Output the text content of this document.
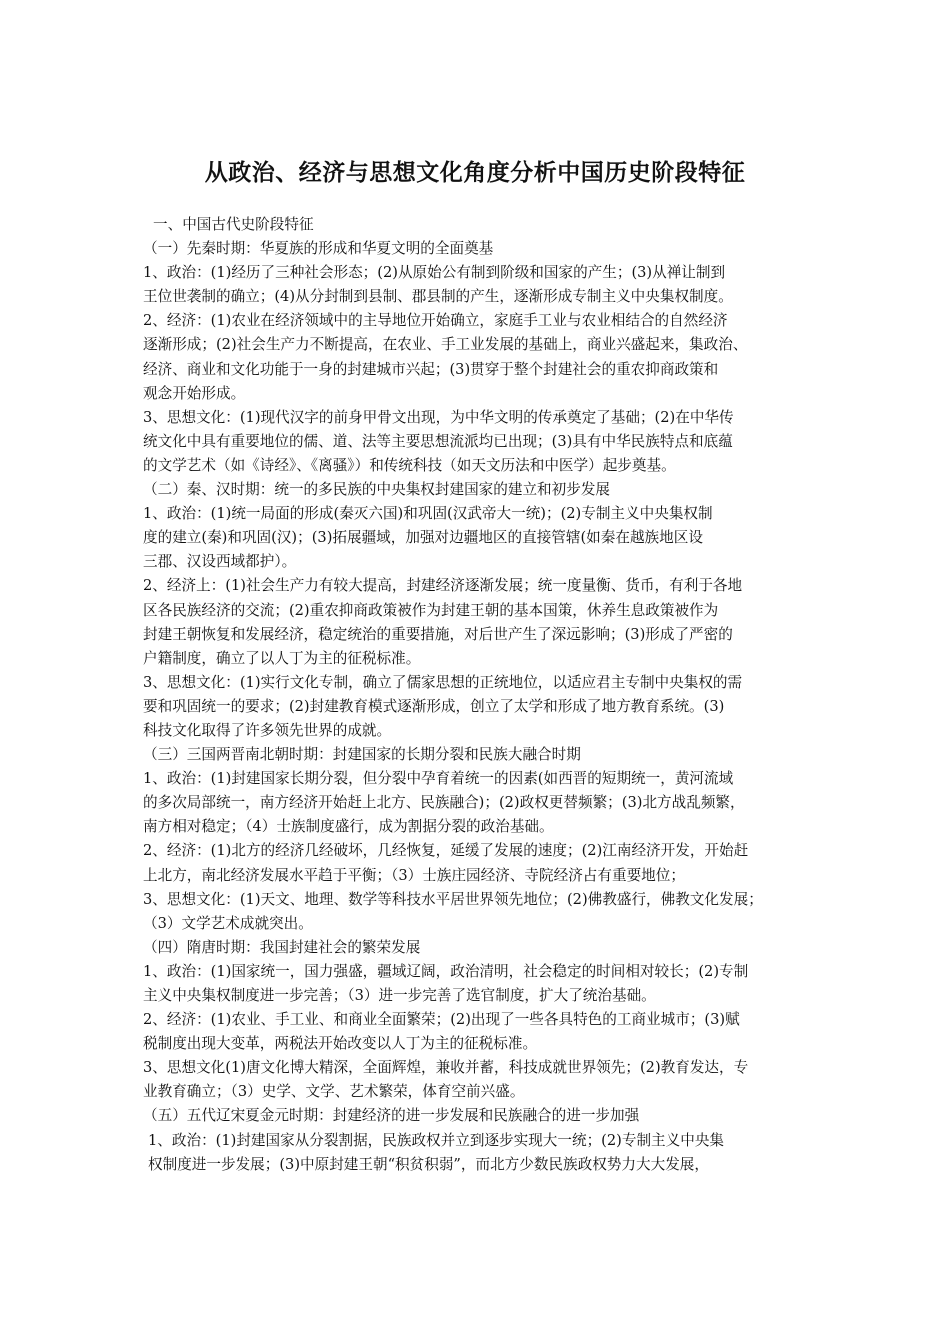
从政治、经济与思想文化角度分析中国历史阶段特征
一、中国古代史阶段特征
（一）先秦时期：华夏族的形成和华夏文明的全面奠基
1、政治：(1)经历了三种社会形态；(2)从原始公有制到阶级和国家的产生；(3)从禅让制到
王位世袭制的确立；(4)从分封制到县制、郡县制的产生，逐渐形成专制主义中央集权制度。
2、经济：(1)农业在经济领域中的主导地位开始确立，家庭手工业与农业相结合的自然经济
逐渐形成；(2)社会生产力不断提高，在农业、手工业发展的基础上，商业兴盛起来，集政治、
经济、商业和文化功能于一身的封建城市兴起；(3)贯穿于整个封建社会的重农抑商政策和
观念开始形成。
3、思想文化：(1)现代汉字的前身甲骨文出现，为中华文明的传承奠定了基础；(2)在中华传
统文化中具有重要地位的儒、道、法等主要思想流派均已出现；(3)具有中华民族特点和底蕴
的文学艺术（如《诗经》、《离骚》）和传统科技（如天文历法和中医学）起步奠基。
（二）秦、汉时期：统一的多民族的中央集权封建国家的建立和初步发展
1、政治：(1)统一局面的形成(秦灭六国)和巩固(汉武帝大一统)；(2)专制主义中央集权制
度的建立(秦)和巩固(汉)；(3)拓展疆域，加强对边疆地区的直接管辖(如秦在越族地区设
三郡、汉设西域都护）。
2、经济上：(1)社会生产力有较大提高，封建经济逐渐发展；统一度量衡、货币，有利于各地
区各民族经济的交流；(2)重农抑商政策被作为封建王朝的基本国策，休养生息政策被作为
封建王朝恢复和发展经济，稳定统治的重要措施，对后世产生了深远影响；(3)形成了严密的
户籍制度，确立了以人丁为主的征税标准。
3、思想文化：(1)实行文化专制，确立了儒家思想的正统地位，以适应君主专制中央集权的需
要和巩固统一的要求；(2)封建教育模式逐渐形成，创立了太学和形成了地方教育系统。(3)
科技文化取得了许多领先世界的成就。
（三）三国两晋南北朝时期：封建国家的长期分裂和民族大融合时期
1、政治：(1)封建国家长期分裂，但分裂中孕育着统一的因素(如西晋的短期统一，黄河流域
的多次局部统一，南方经济开始赶上北方、民族融合)；(2)政权更替频繁；(3)北方战乱频繁，
南方相对稳定；（4）士族制度盛行，成为割据分裂的政治基础。
2、经济：(1)北方的经济几经破坏，几经恢复，延缓了发展的速度；(2)江南经济开发，开始赶
上北方，南北经济发展水平趋于平衡；（3）士族庄园经济、寺院经济占有重要地位；
3、思想文化：(1)天文、地理、数学等科技水平居世界领先地位；(2)佛教盛行，佛教文化发展；
（3）文学艺术成就突出。
（四）隋唐时期：我国封建社会的繁荣发展
1、政治：(1)国家统一，国力强盛，疆域辽阔，政治清明，社会稳定的时间相对较长；(2)专制
主义中央集权制度进一步完善；（3）进一步完善了选官制度，扩大了统治基础。
2、经济：(1)农业、手工业、和商业全面繁荣；(2)出现了一些各具特色的工商业城市；(3)赋
税制度出现大变革，两税法开始改变以人丁为主的征税标准。
3、思想文化(1)唐文化博大精深，全面辉煌，兼收并蓄，科技成就世界领先；(2)教育发达，专
业教育确立；（3）史学、文学、艺术繁荣，体育空前兴盛。
（五）五代辽宋夏金元时期：封建经济的进一步发展和民族融合的进一步加强
1、政治：(1)封建国家从分裂割据，民族政权并立到逐步实现大一统；(2)专制主义中央集
权制度进一步发展；(3)中原封建王朝“积贫积弱”，而北方少数民族政权势力大大发展，
